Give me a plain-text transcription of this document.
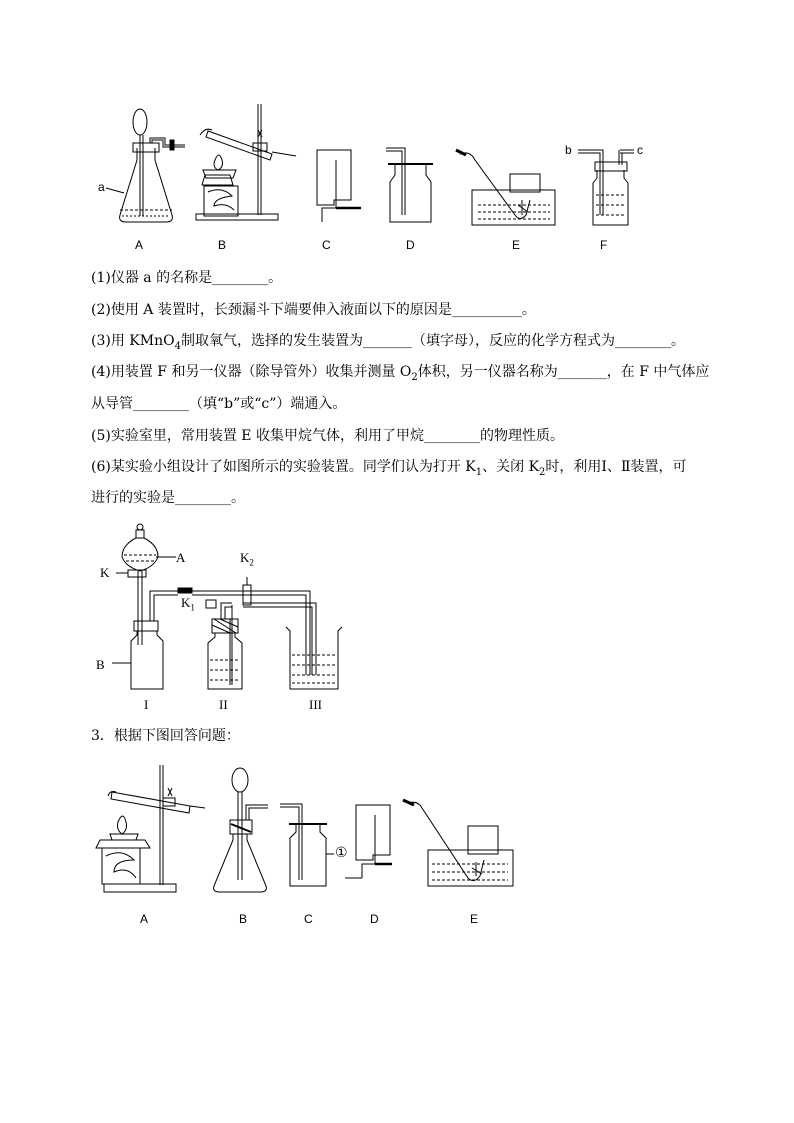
a
b	c
A	B	C	D	E	F
(1)仪器 a 的名称是________。
(2)使用 A 装置时，长颈漏斗下端要伸入液面以下的原因是__________。
(3)用 KMnO$_4$制取氧气，选择的发生装置为_______（填字母），反应的化学方程式为________。
(4)用装置 F 和另一仪器（除导管外）收集并测量 $O_2$体积，另一仪器名称为_______，在 F 中气体应
从导管________（填“b”或“c”）端通入。
(5)实验室里，常用装置 E 收集甲烷气体，利用了甲烷________的物理性质。
(6)某实验小组设计了如图所示的实验装置。同学们认为打开 $K_1$、关闭 $K_2$时，利用Ⅰ、Ⅱ装置，可
进行的实验是________。
A
K
$K_2$
$K_1$
B
I	II	III
3．根据下图回答问题：
①
A	B	C	D	E
